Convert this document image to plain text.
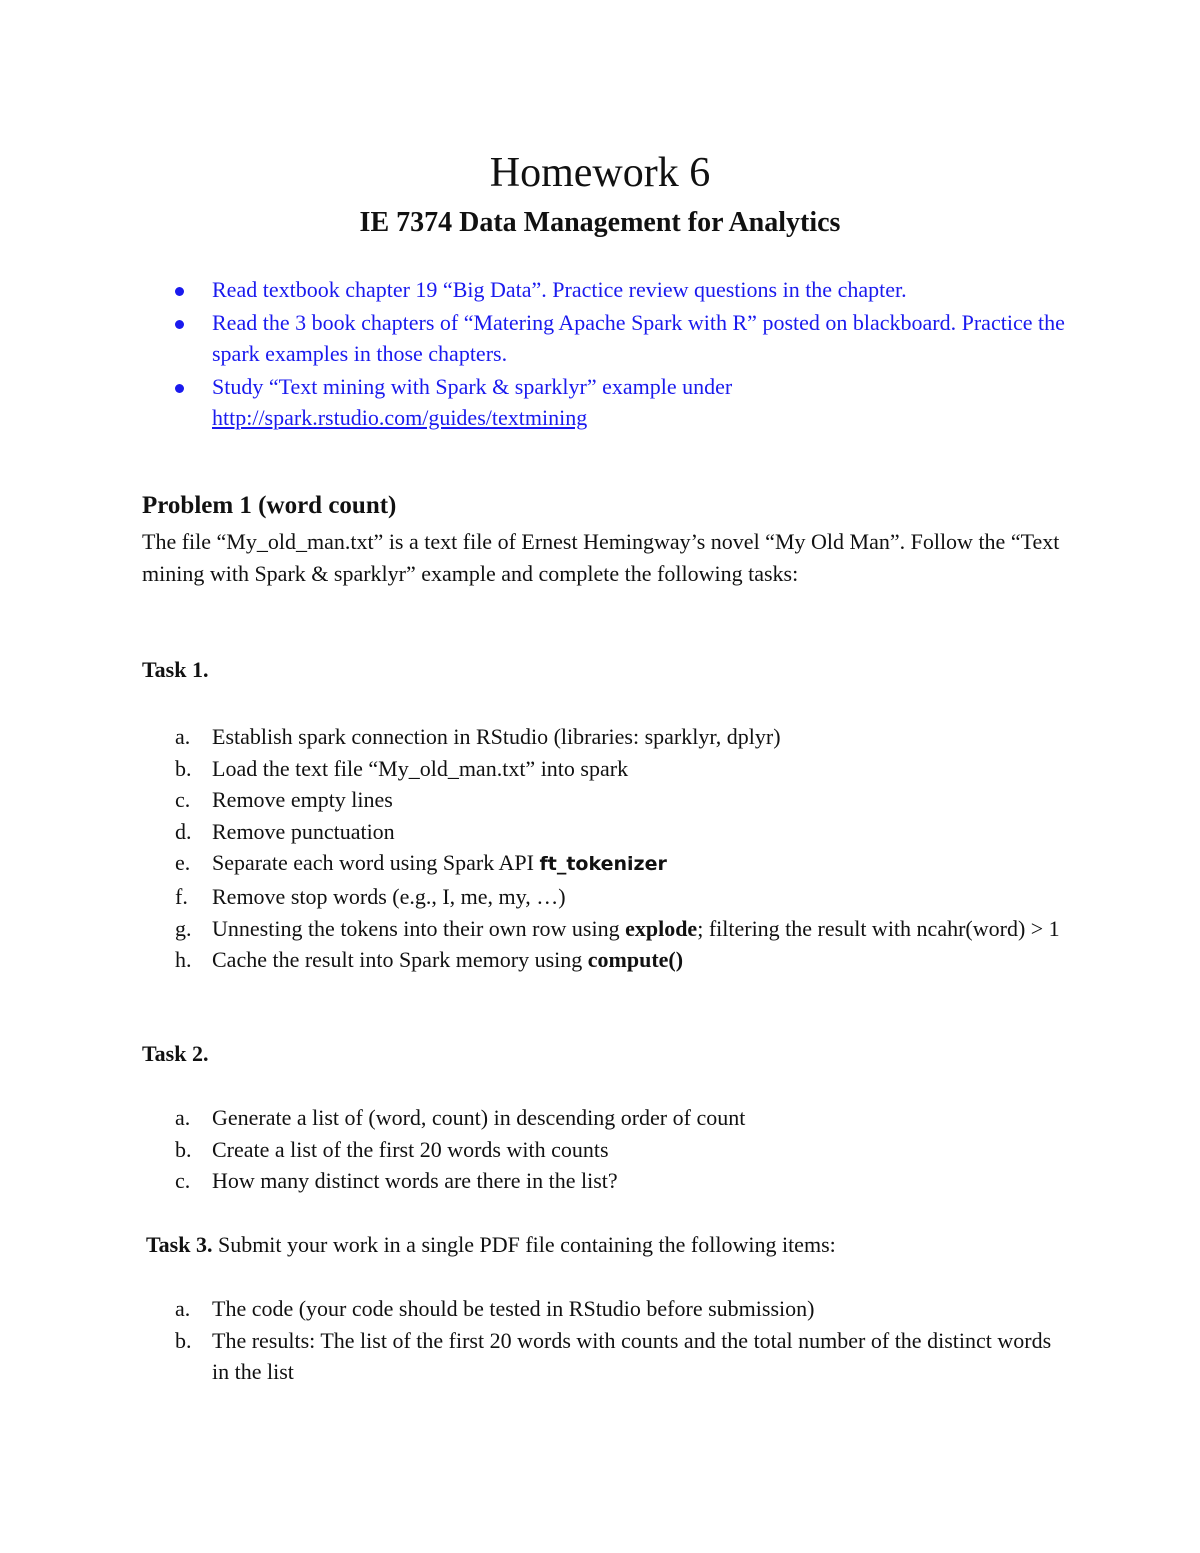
Homework 6
IE 7374 Data Management for Analytics
Read textbook chapter 19 “Big Data”. Practice review questions in the chapter.
Read the 3 book chapters of “Matering Apache Spark with R” posted on blackboard. Practice the spark examples in those chapters.
Study “Text mining with Spark & sparklyr” example under
http://spark.rstudio.com/guides/textmining
Problem 1 (word count)

The file “My_old_man.txt” is a text file of Ernest Hemingway’s novel “My Old Man”. Follow the “Text mining with Spark & sparklyr” example and complete the following tasks:

Task 1.

a. Establish spark connection in RStudio (libraries: sparklyr, dplyr)
b. Load the text file “My_old_man.txt” into spark
c. Remove empty lines
d. Remove punctuation
e. Separate each word using Spark API ft_tokenizer
f. Remove stop words (e.g., I, me, my, …)
g. Unnesting the tokens into their own row using explode; filtering the result with ncahr(word) > 1
h. Cache the result into Spark memory using compute()

Task 2.

a. Generate a list of (word, count) in descending order of count
b. Create a list of the first 20 words with counts
c. How many distinct words are there in the list?

Task 3. Submit your work in a single PDF file containing the following items:

a. The code (your code should be tested in RStudio before submission)
b. The results: The list of the first 20 words with counts and the total number of the distinct words in the list
